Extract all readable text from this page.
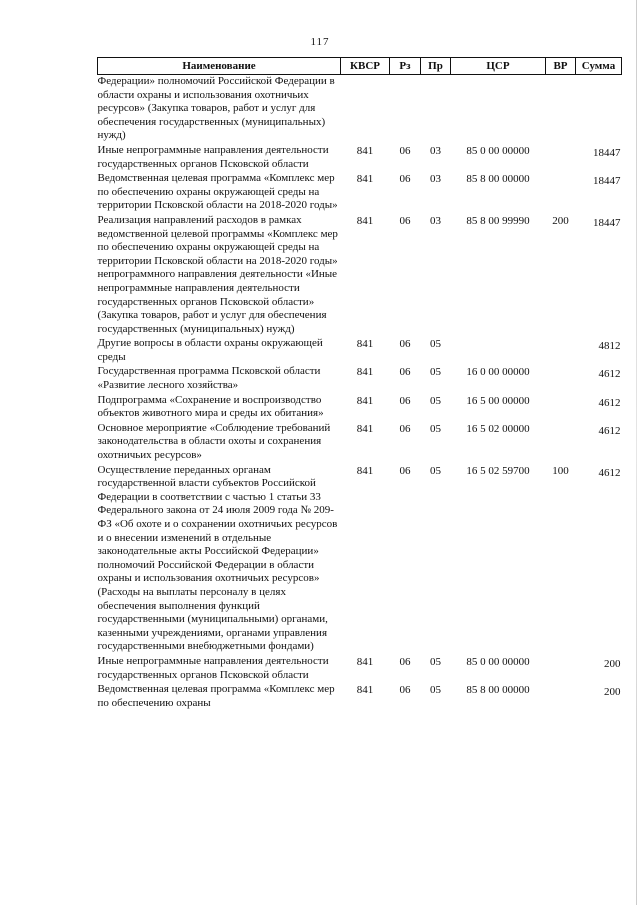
117
Наименование	КВСР	Рз	Пр	ЦСР	ВР	Сумма
Федерации» полномочий Российской Федерации в области охраны и использования охотничьих ресурсов» (Закупка товаров, работ и услуг для обеспечения государственных (муниципальных) нужд)						
Иные непрограммные направления деятельности государственных органов Псковской области	841	06	03	85 0 00 00000		18447
Ведомственная целевая программа «Комплекс мер по обеспечению охраны окружающей среды на территории Псковской области на 2018-2020 годы»	841	06	03	85 8 00 00000		18447
Реализация направлений расходов в рамках ведомственной целевой программы «Комплекс мер по обеспечению охраны окружающей среды на территории Псковской области на 2018-2020 годы» непрограммного направления деятельности «Иные непрограммные направления деятельности государственных органов Псковской области» (Закупка товаров, работ и услуг для обеспечения государственных (муниципальных) нужд)	841	06	03	85 8 00 99990	200	18447
Другие вопросы в области охраны окружающей среды	841	06	05			4812
Государственная программа Псковской области «Развитие лесного хозяйства»	841	06	05	16 0 00 00000		4612
Подпрограмма «Сохранение и воспроизводство объектов животного мира и среды их обитания»	841	06	05	16 5 00 00000		4612
Основное мероприятие «Соблюдение требований законодательства в области охоты и сохранения охотничьих ресурсов»	841	06	05	16 5 02 00000		4612
Осуществление переданных органам государственной власти субъектов Российской Федерации в соответствии с частью 1 статьи 33 Федерального закона от 24 июля 2009 года № 209-ФЗ «Об охоте и о сохранении охотничьих ресурсов и о внесении изменений в отдельные законодательные акты Российской Федерации» полномочий Российской Федерации в области охраны и использования охотничьих ресурсов» (Расходы на выплаты персоналу в целях обеспечения выполнения функций государственными (муниципальными) органами, казенными учреждениями, органами управления государственными внебюджетными фондами)	841	06	05	16 5 02 59700	100	4612
Иные непрограммные направления деятельности государственных органов Псковской области	841	06	05	85 0 00 00000		200
Ведомственная целевая программа «Комплекс мер по обеспечению охраны	841	06	05	85 8 00 00000		200
